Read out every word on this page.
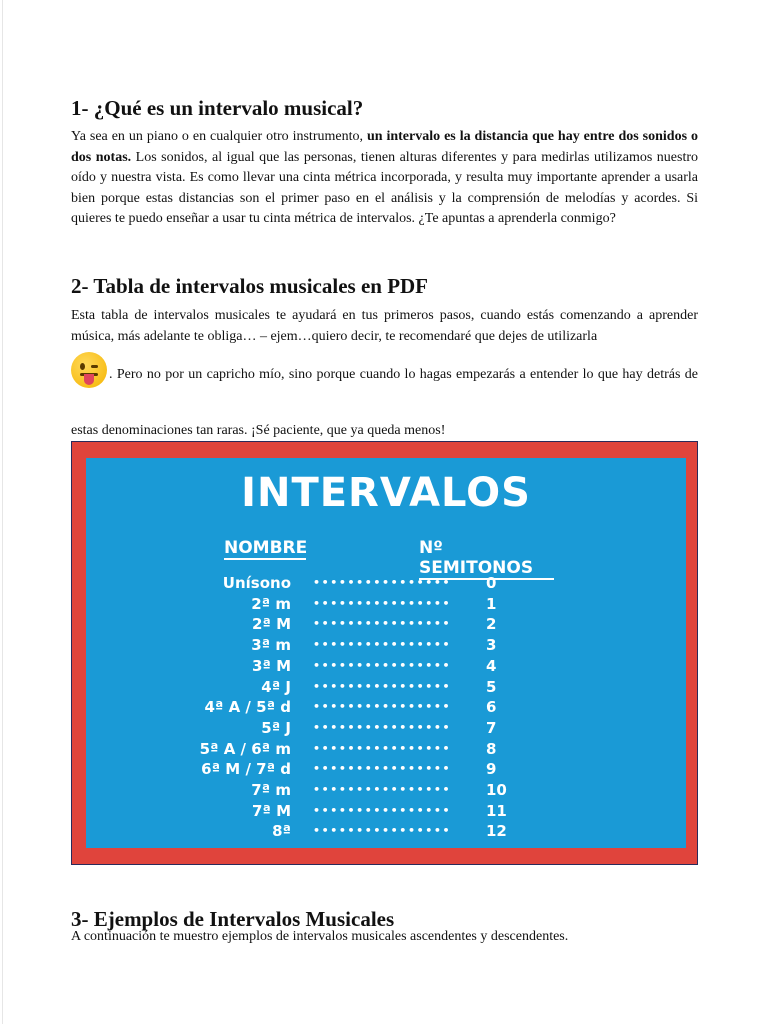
1- ¿Qué es un intervalo musical?

Ya sea en un piano o en cualquier otro instrumento, un intervalo es la distancia que hay entre dos sonidos o dos notas. Los sonidos, al igual que las personas, tienen alturas diferentes y para medirlas utilizamos nuestro oído y nuestra vista. Es como llevar una cinta métrica incorporada, y resulta muy importante aprender a usarla bien porque estas distancias son el primer paso en el análisis y la comprensión de melodías y acordes. Si quieres te puedo enseñar a usar tu cinta métrica de intervalos. ¿Te apuntas a aprenderla conmigo?

2- Tabla de intervalos musicales en PDF

Esta tabla de intervalos musicales te ayudará en tus primeros pasos, cuando estás comenzando a aprender música, más adelante te obliga… – ejem…quiero decir, te recomendaré que dejes de utilizarla
. Pero no por un capricho mío, sino porque cuando lo hagas empezarás a entender lo que hay detrás de estas denominaciones tan raras. ¡Sé paciente, que ya queda menos!

3- Ejemplos de Intervalos Musicales

A continuación te muestro ejemplos de intervalos musicales ascendentes y descendentes.

INTERVALOS
NOMBRE	Nº SEMITONOS
Unísono ••••••••••••••••	0
2ª m ••••••••••••••••	1
2ª M ••••••••••••••••	2
3ª m ••••••••••••••••	3
3ª M ••••••••••••••••	4
4ª J ••••••••••••••••	5
4ª A / 5ª d ••••••••••••••••	6
5ª J ••••••••••••••••	7
5ª A / 6ª m ••••••••••••••••	8
6ª M / 7ª d ••••••••••••••••	9
7ª m ••••••••••••••••	10
7ª M ••••••••••••••••	11
8ª ••••••••••••••••	12
